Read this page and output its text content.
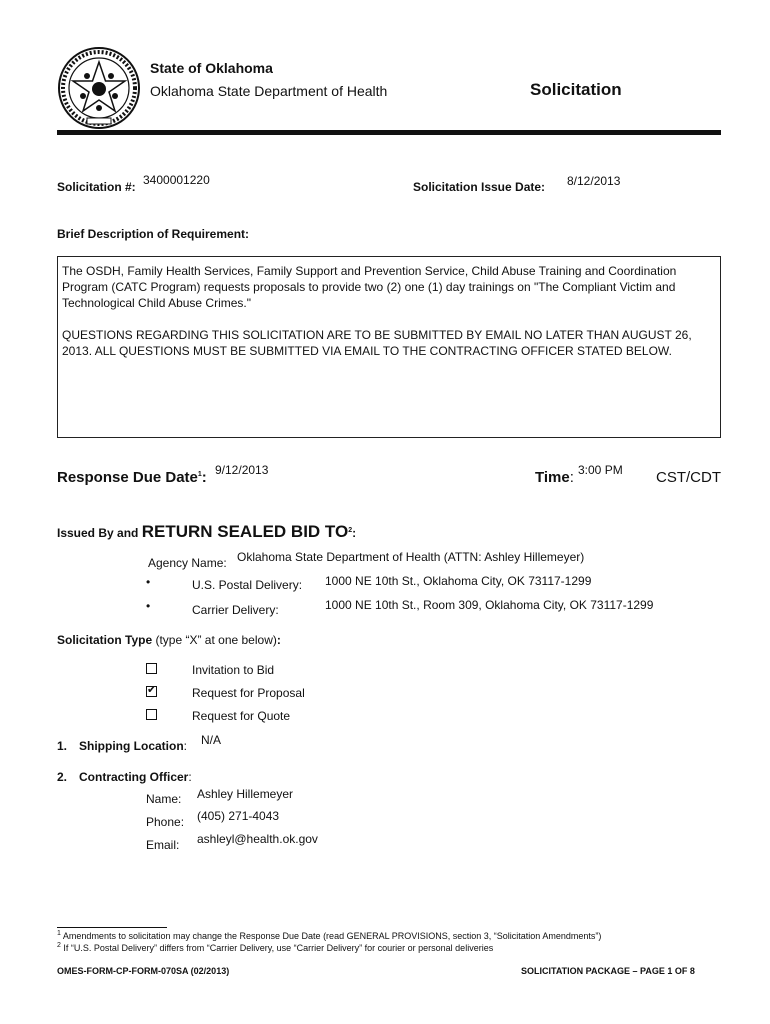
State of Oklahoma
Oklahoma State Department of Health	Solicitation
Solicitation #: 3400001220	Solicitation Issue Date: 8/12/2013
Brief Description of Requirement:

The OSDH, Family Health Services, Family Support and Prevention Service, Child Abuse Training and Coordination Program (CATC Program) requests proposals to provide two (2) one (1) day trainings on "The Compliant Victim and Technological Child Abuse Crimes."

QUESTIONS REGARDING THIS SOLICITATION ARE TO BE SUBMITTED BY EMAIL NO LATER THAN AUGUST 26, 2013. ALL QUESTIONS MUST BE SUBMITTED VIA EMAIL TO THE CONTRACTING OFFICER STATED BELOW.

Response Due Date$^1$: 9/12/2013	Time: 3:00 PM CST/CDT
Issued By and RETURN SEALED BID $TO^2$:
Agency Name: Oklahoma State Department of Health (ATTN: Ashley Hillemeyer)
•	U.S. Postal Delivery: 1000 NE 10th St., Oklahoma City, OK 73117-1299
•	Carrier Delivery:	1000 NE 10th St., Room 309, Oklahoma City, OK 73117-1299
Solicitation Type (type “X” at one below):
Invitation to Bid
✔	Request for Proposal
Request for Quote
1. Shipping Location: N/A
2. Contracting Officer:
Name: Ashley Hillemeyer
Phone: (405) 271-4043
Email: ashleyl@health.ok.gov
$^1$ Amendments to solicitation may change the Response Due Date (read GENERAL PROVISIONS, section 3, “Solicitation Amendments”)
$^2$ If “U.S. Postal Delivery” differs from “Carrier Delivery, use “Carrier Delivery” for courier or personal deliveries
OMES-FORM-CP-FORM-070SA (02/2013)	SOLICITATION PACKAGE – PAGE 1 OF 8
